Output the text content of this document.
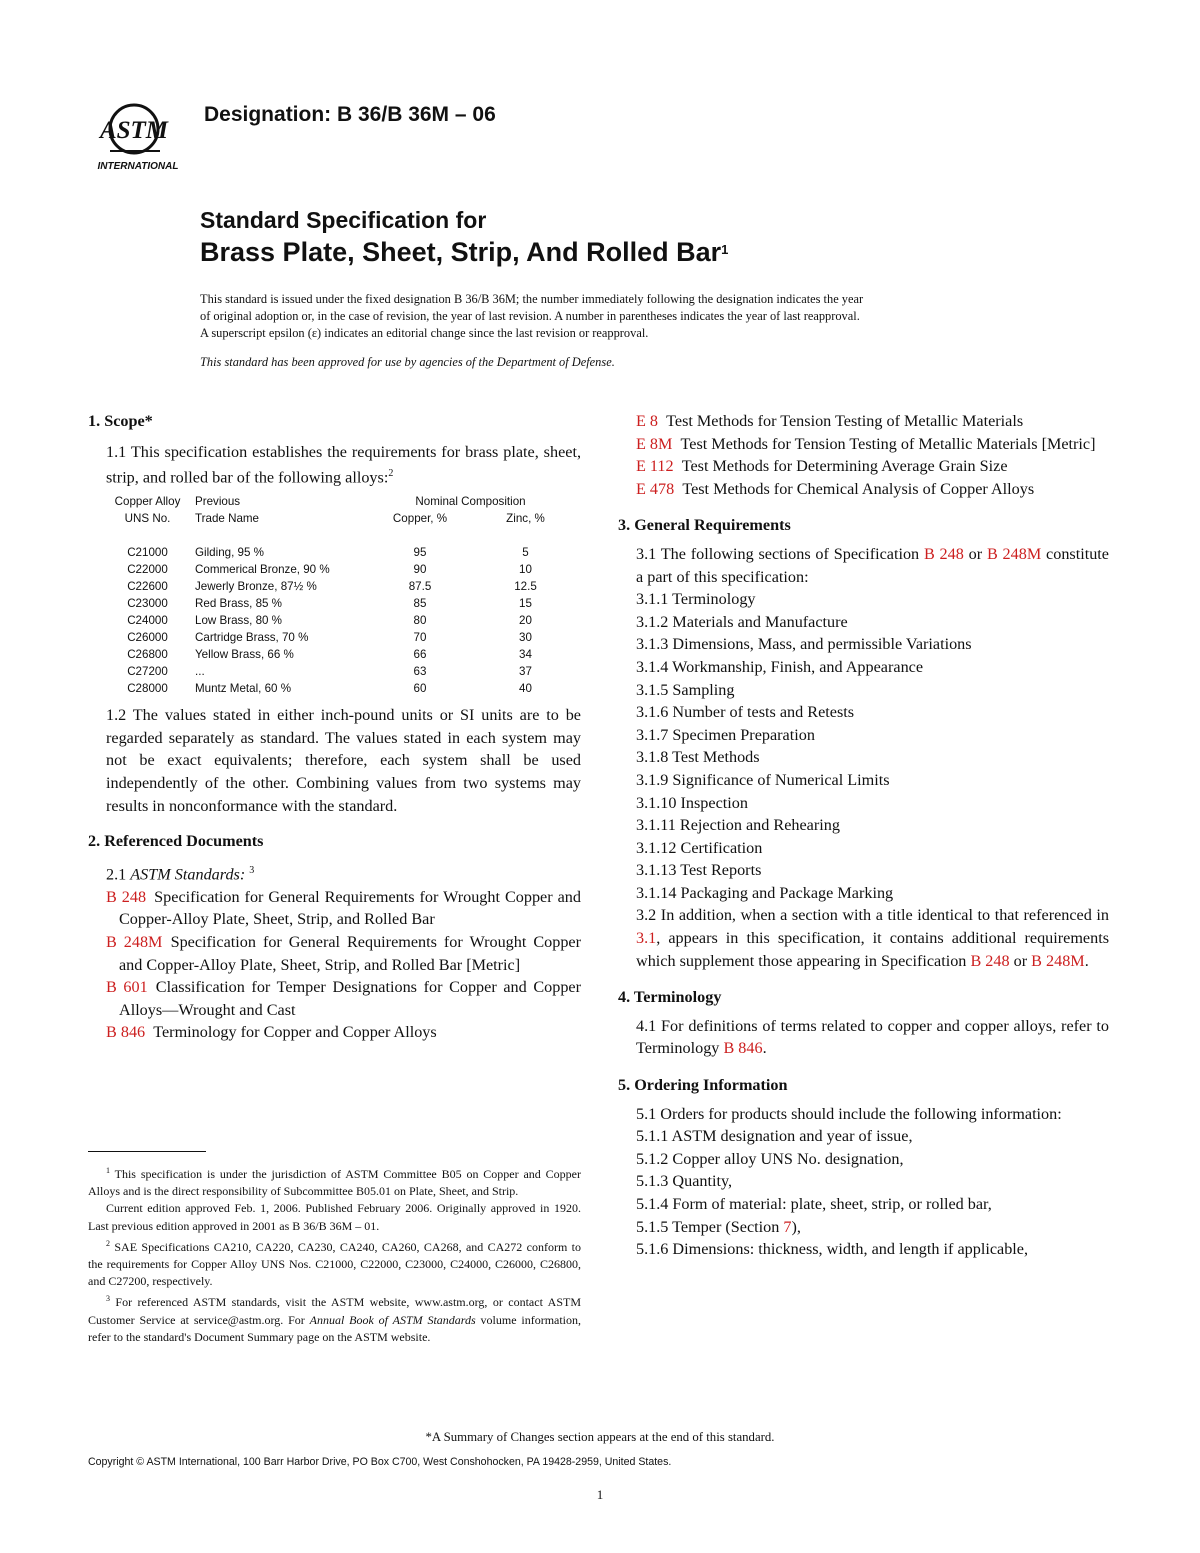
ASTM
INTERNATIONAL

Designation: B 36/B 36M – 06

Standard Specification for
Brass Plate, Sheet, Strip, And Rolled Bar$^1$
This standard is issued under the fixed designation B 36/B 36M; the number immediately following the designation indicates the year
of original adoption or, in the case of revision, the year of last revision. A number in parentheses indicates the year of last reapproval.
A superscript epsilon (ε) indicates an editorial change since the last revision or reapproval.

This standard has been approved for use by agencies of the Department of Defense.

1. Scope*

1.1 This specification establishes the requirements for brass plate, sheet, strip, and rolled bar of the following alloys:$^2$

Copper Alloy	Previous	Nominal Composition	
UNS No.	Trade Name	Copper, %	Zinc, %

C21000	Gilding, 95 %	95	5
C22000	Commerical Bronze, 90 %	90	10
C22600	Jewerly Bronze, 87½ %	87.5	12.5
C23000	Red Brass, 85 %	85	15
C24000	Low Brass, 80 %	80	20
C26000	Cartridge Brass, 70 %	70	30
C26800	Yellow Brass, 66 %	66	34
C27200	...	63	37
C28000	Muntz Metal, 60 %	60	40

1.2 The values stated in either inch-pound units or SI units are to be regarded separately as standard. The values stated in each system may not be exact equivalents; therefore, each system shall be used independently of the other. Combining values from two systems may results in nonconformance with the standard.

2. Referenced Documents

2.1 ASTM Standards: $^3$

B 248  Specification for General Requirements for Wrought Copper and Copper-Alloy Plate, Sheet, Strip, and Rolled Bar

B 248M  Specification for General Requirements for Wrought Copper and Copper-Alloy Plate, Sheet, Strip, and Rolled Bar [Metric]

B 601  Classification for Temper Designations for Copper and Copper Alloys—Wrought and Cast

B 846  Terminology for Copper and Copper Alloys

$^1$ This specification is under the jurisdiction of ASTM Committee B05 on Copper and Copper Alloys and is the direct responsibility of Subcommittee B05.01 on Plate, Sheet, and Strip.

Current edition approved Feb. 1, 2006. Published February 2006. Originally approved in 1920. Last previous edition approved in 2001 as B 36/B 36M – 01.

$^2$ SAE Specifications CA210, CA220, CA230, CA240, CA260, CA268, and CA272 conform to the requirements for Copper Alloy UNS Nos. C21000, C22000, C23000, C24000, C26000, C26800, and C27200, respectively.

$^3$ For referenced ASTM standards, visit the ASTM website, www.astm.org, or contact ASTM Customer Service at service@astm.org. For Annual Book of ASTM Standards volume information, refer to the standard's Document Summary page on the ASTM website.

E 8  Test Methods for Tension Testing of Metallic Materials

E 8M  Test Methods for Tension Testing of Metallic Materials [Metric]

E 112  Test Methods for Determining Average Grain Size

E 478  Test Methods for Chemical Analysis of Copper Alloys

3. General Requirements

3.1 The following sections of Specification B 248 or B 248M constitute a part of this specification:

3.1.1 Terminology

3.1.2 Materials and Manufacture

3.1.3 Dimensions, Mass, and permissible Variations

3.1.4 Workmanship, Finish, and Appearance

3.1.5 Sampling

3.1.6 Number of tests and Retests

3.1.7 Specimen Preparation

3.1.8 Test Methods

3.1.9 Significance of Numerical Limits

3.1.10 Inspection

3.1.11 Rejection and Rehearing

3.1.12 Certification

3.1.13 Test Reports

3.1.14 Packaging and Package Marking

3.2 In addition, when a section with a title identical to that referenced in 3.1, appears in this specification, it contains additional requirements which supplement those appearing in Specification B 248 or B 248M.

4. Terminology

4.1 For definitions of terms related to copper and copper alloys, refer to Terminology B 846.

5. Ordering Information

5.1 Orders for products should include the following information:

5.1.1 ASTM designation and year of issue,

5.1.2 Copper alloy UNS No. designation,

5.1.3 Quantity,

5.1.4 Form of material: plate, sheet, strip, or rolled bar,

5.1.5 Temper (Section 7),

5.1.6 Dimensions: thickness, width, and length if applicable,

*A Summary of Changes section appears at the end of this standard.

Copyright © ASTM International, 100 Barr Harbor Drive, PO Box C700, West Conshohocken, PA 19428-2959, United States.

1
